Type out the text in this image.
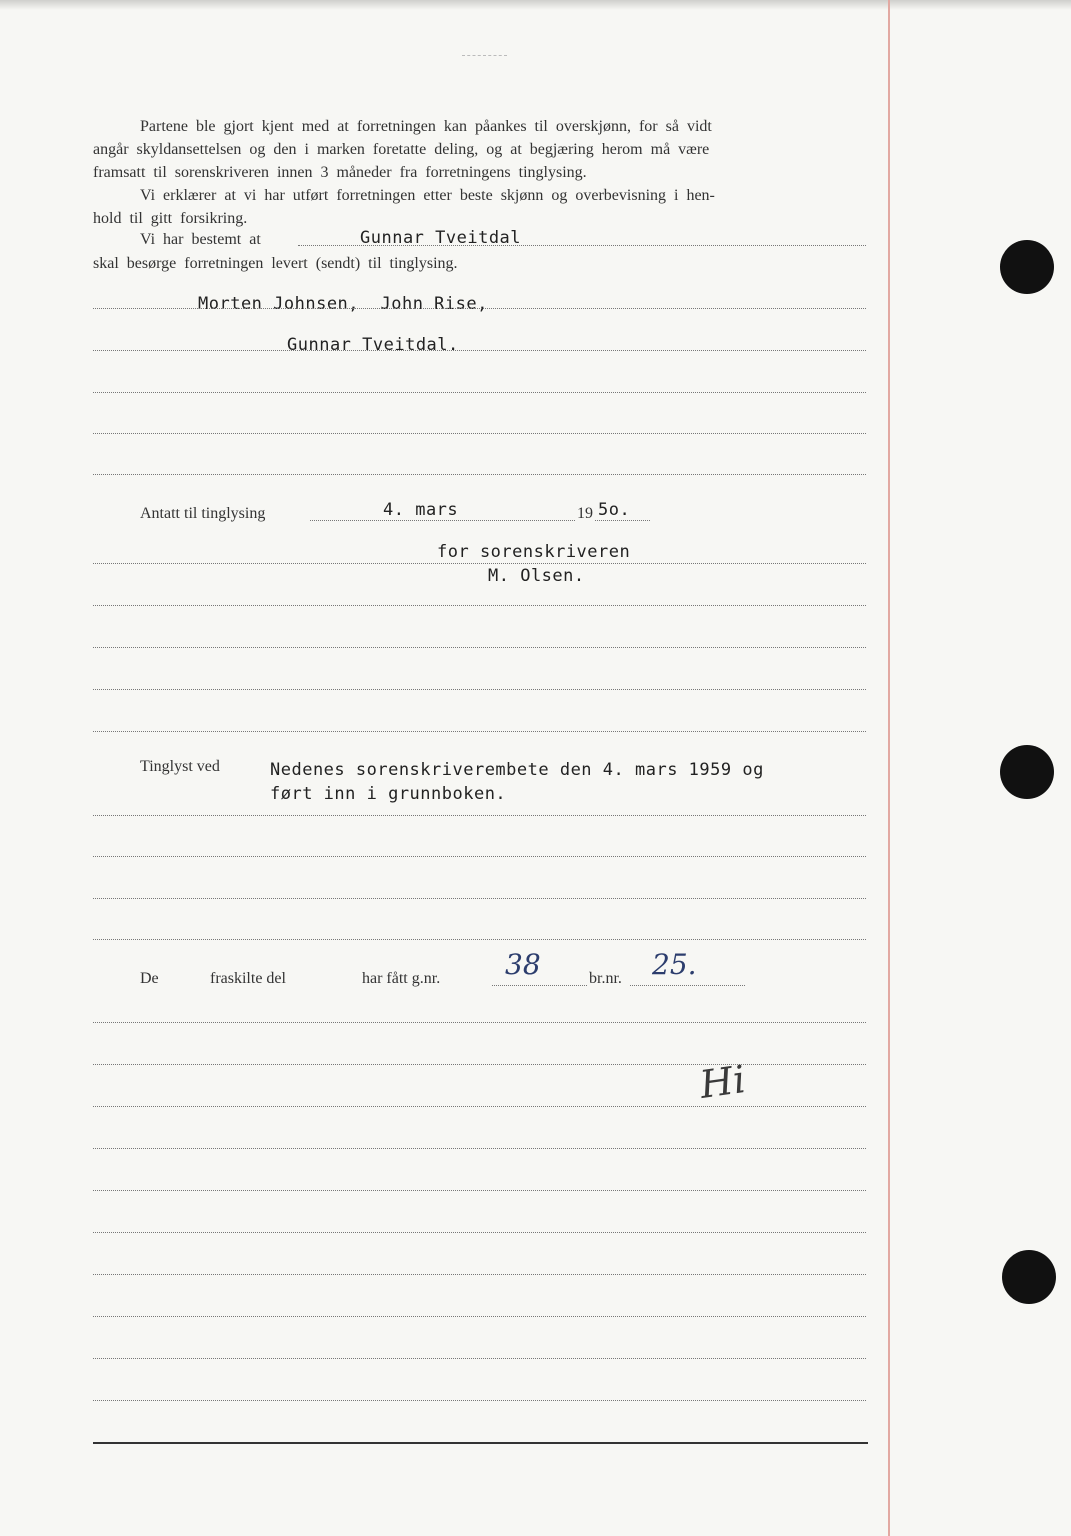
Partene  ble  gjort  kjent  med  at  forretningen  kan  påankes  til  overskjønn,  for  så  vidt
angår  skyldansettelsen  og  den  i  marken  foretatte  deling,  og  at  begjæring  herom  må  være
framsatt  til  sorenskriveren  innen  3  måneder  fra  forretningens  tinglysing.
Vi  erklærer  at  vi  har  utført  forretningen  etter  beste  skjønn  og  overbevisning  i  hen-
hold  til  gitt  forsikring.
Vi  har  bestemt  at	Gunnar Tveitdal
skal  besørge  forretningen  levert  (sendt)  til  tinglysing.
Morten Johnsen,  John Rise,
Gunnar Tveitdal.
Antatt til tinglysing	4. mars	19 5o.
for sorenskriveren
M. Olsen.
Tinglyst ved	Nedenes sorenskriverembete den 4. mars 1959 og
ført inn i grunnboken.
De	fraskilte del	har fått g.nr. 38	br.nr. 25.
Hi
